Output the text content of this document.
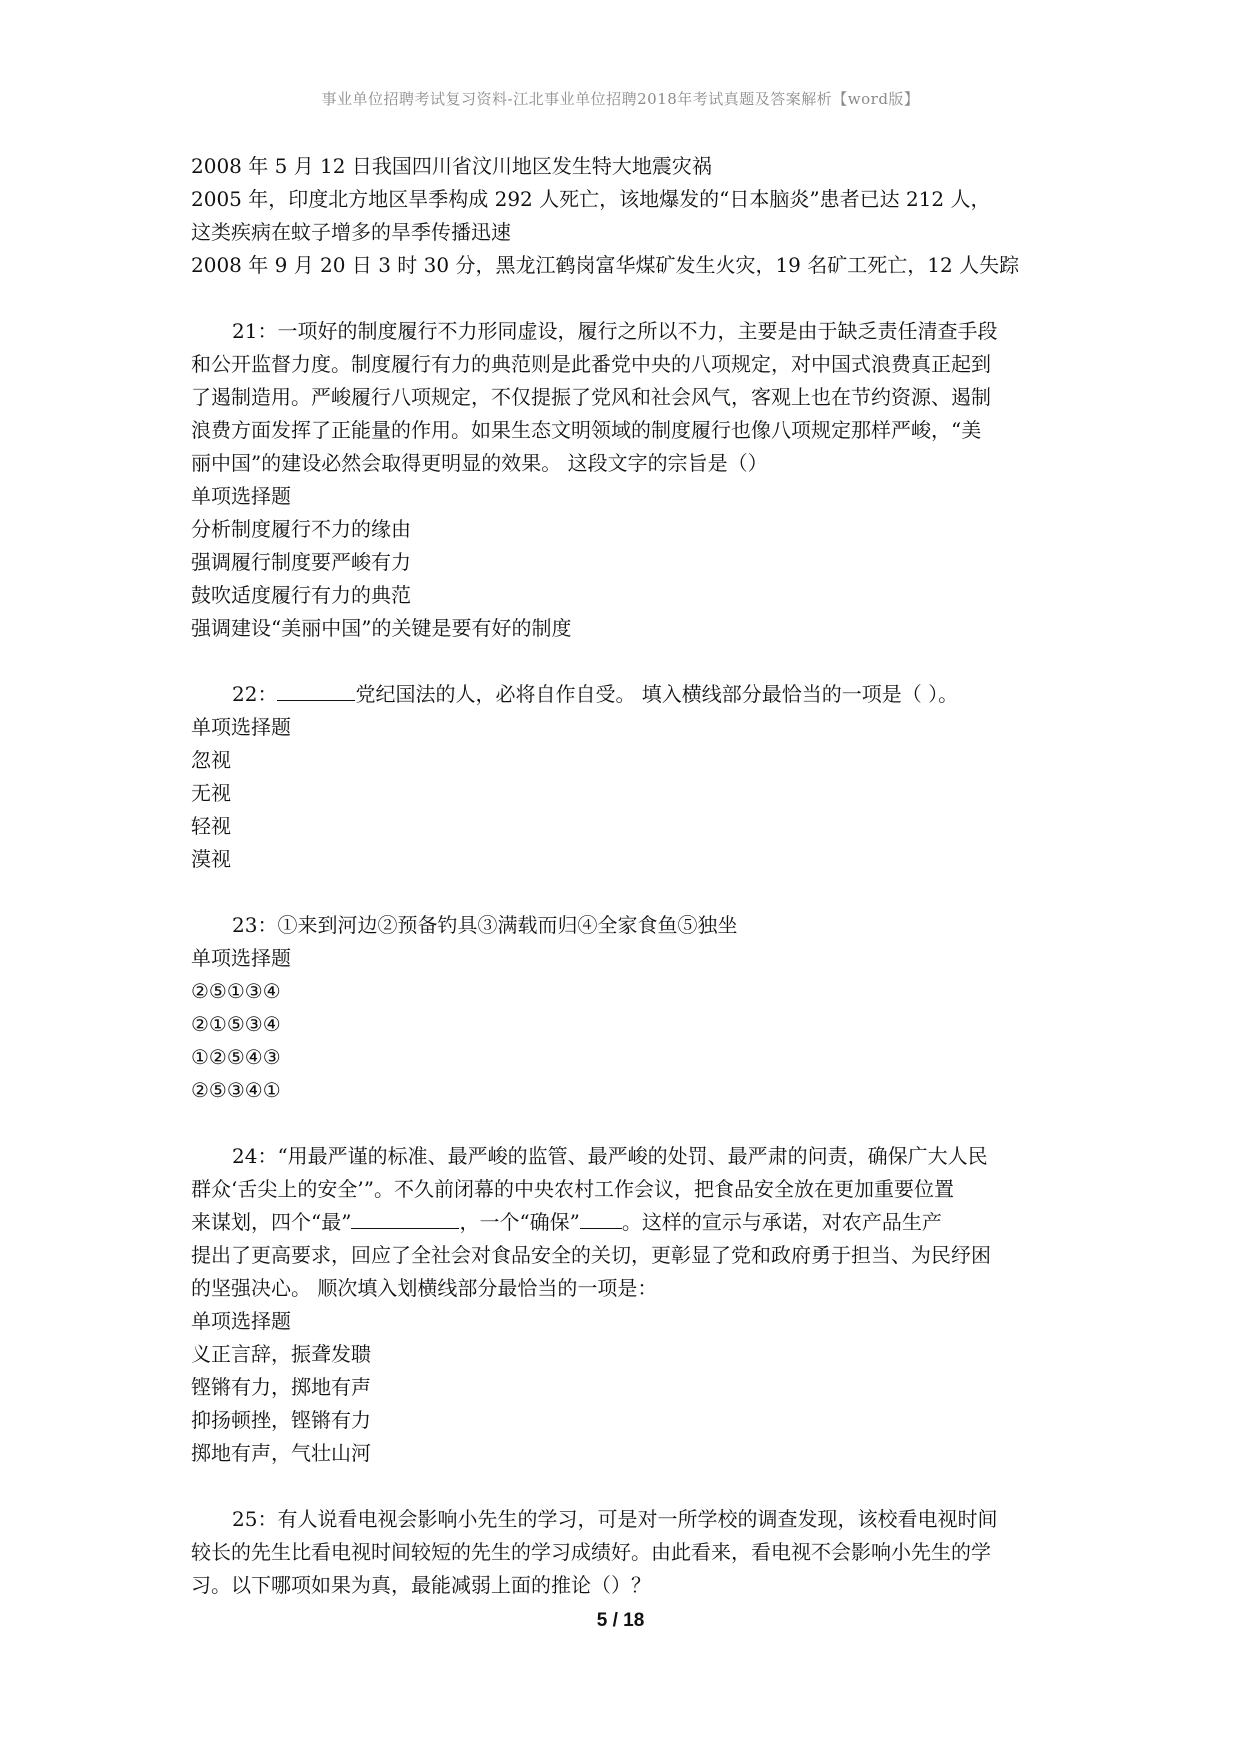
事业单位招聘考试复习资料-江北事业单位招聘2018年考试真题及答案解析【word版】

2008 年 5 月 12 日我国四川省汶川地区发生特大地震灾祸

2005 年，印度北方地区旱季构成 292 人死亡，该地爆发的“日本脑炎”患者已达 212 人，

这类疾病在蚊子增多的旱季传播迅速

2008 年 9 月 20 日 3 时 30 分，黑龙江鹤岗富华煤矿发生火灾，19 名矿工死亡，12 人失踪

21：一项好的制度履行不力形同虚设，履行之所以不力，主要是由于缺乏责任清查手段

和公开监督力度。制度履行有力的典范则是此番党中央的八项规定，对中国式浪费真正起到

了遏制造用。严峻履行八项规定，不仅提振了党风和社会风气，客观上也在节约资源、遏制

浪费方面发挥了正能量的作用。如果生态文明领域的制度履行也像八项规定那样严峻，“美

丽中国”的建设必然会取得更明显的效果。 这段文字的宗旨是（）

单项选择题

分析制度履行不力的缘由

强调履行制度要严峻有力

鼓吹适度履行有力的典范

强调建设“美丽中国”的关键是要有好的制度

22：	党纪国法的人，必将自作自受。 填入横线部分最恰当的一项是（ ）。

单项选择题

忽视

无视

轻视

漠视

23：①来到河边②预备钓具③满载而归④全家食鱼⑤独坐

单项选择题

②⑤①③④

②①⑤③④

①②⑤④③

②⑤③④①

24：“用最严谨的标准、最严峻的监管、最严峻的处罚、最严肃的问责，确保广大人民

群众‘舌尖上的安全’”。不久前闭幕的中央农村工作会议，把食品安全放在更加重要位置

来谋划，四个“最”	，一个“确保” 。这样的宣示与承诺，对农产品生产

提出了更高要求，回应了全社会对食品安全的关切，更彰显了党和政府勇于担当、为民纾困

的坚强决心。 顺次填入划横线部分最恰当的一项是：

单项选择题

义正言辞，振聋发聩

铿锵有力，掷地有声

抑扬顿挫，铿锵有力

掷地有声，气壮山河

25：有人说看电视会影响小先生的学习，可是对一所学校的调查发现，该校看电视时间

较长的先生比看电视时间较短的先生的学习成绩好。由此看来，看电视不会影响小先生的学

习。以下哪项如果为真，最能减弱上面的推论（）？

5 / 18
